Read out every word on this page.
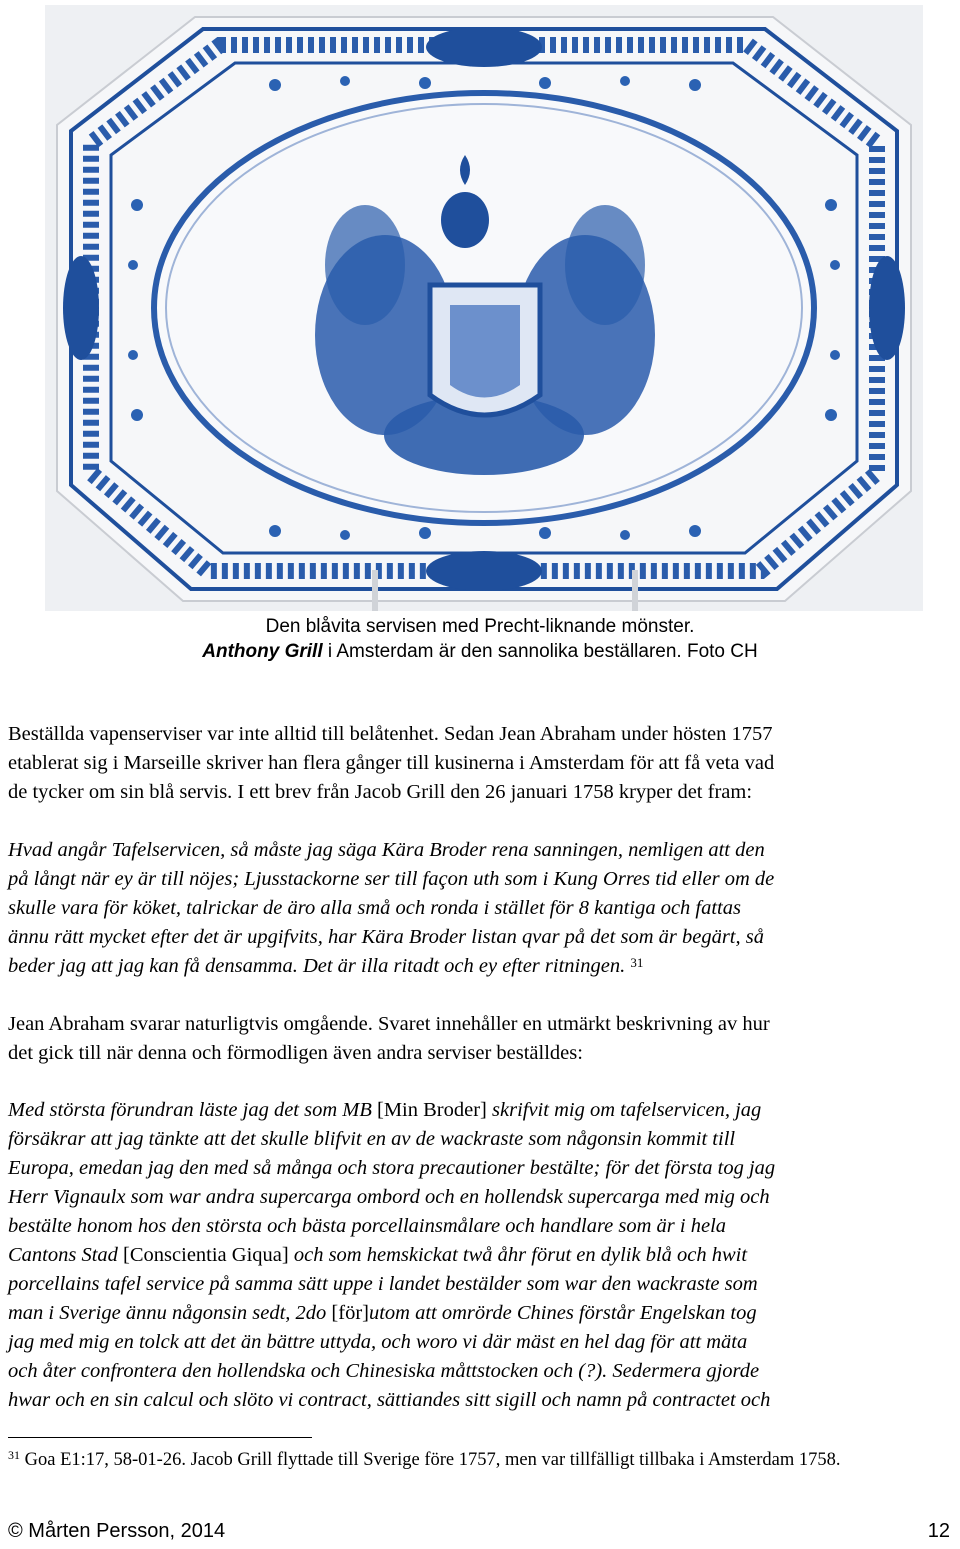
Den blåvita servisen med Precht-liknande mönster.
Anthony Grill i Amsterdam är den sannolika beställaren. Foto CH
Beställda vapenserviser var inte alltid till belåtenhet. Sedan Jean Abraham under hösten 1757
etablerat sig i Marseille skriver han flera gånger till kusinerna i Amsterdam för att få veta vad
de tycker om sin blå servis. I ett brev från Jacob Grill den 26 januari 1758 kryper det fram:
Hvad angår Tafelservicen, så måste jag säga Kära Broder rena sanningen, nemligen att den
på långt när ey är till nöjes; Ljusstackorne ser till façon uth som i Kung Orres tid eller om de
skulle vara för köket, talrickar de äro alla små och ronda i stället för 8 kantiga och fattas
ännu rätt mycket efter det är upgifvits, har Kära Broder listan qvar på det som är begärt, så
beder jag att jag kan få densamma. Det är illa ritadt och ey efter ritningen. $^{31}$
Jean Abraham svarar naturligtvis omgående. Svaret innehåller en utmärkt beskrivning av hur
det gick till när denna och förmodligen även andra serviser beställdes:
Med största förundran läste jag det som MB [Min Broder] skrifvit mig om tafelservicen, jag
försäkrar att jag tänkte att det skulle blifvit en av de wackraste som någonsin kommit till
Europa, emedan jag den med så många och stora precautioner bestälte; för det första tog jag
Herr Vignaulx som war andra supercarga ombord och en hollendsk supercarga med mig och
bestälte honom hos den största och bästa porcellainsmålare och handlare som är i hela
Cantons Stad [Conscientia Giqua] och som hemskickat twå åhr förut en dylik blå och hwit
porcellains tafel service på samma sätt uppe i landet bestälder som war den wackraste som
man i Sverige ännu någonsin sedt, 2do [för]utom att omrörde Chines förstår Engelskan tog
jag med mig en tolck att det än bättre uttyda, och woro vi där mäst en hel dag för att mäta
och åter confrontera den hollendska och Chinesiska måttstocken och (?). Sedermera gjorde
hwar och en sin calcul och slöto vi contract, sättiandes sitt sigill och namn på contractet och
$^{31}$ Goa E1:17, 58-01-26. Jacob Grill flyttade till Sverige före 1757, men var tillfälligt tillbaka i Amsterdam 1758.
© Mårten Persson, 2014	12
